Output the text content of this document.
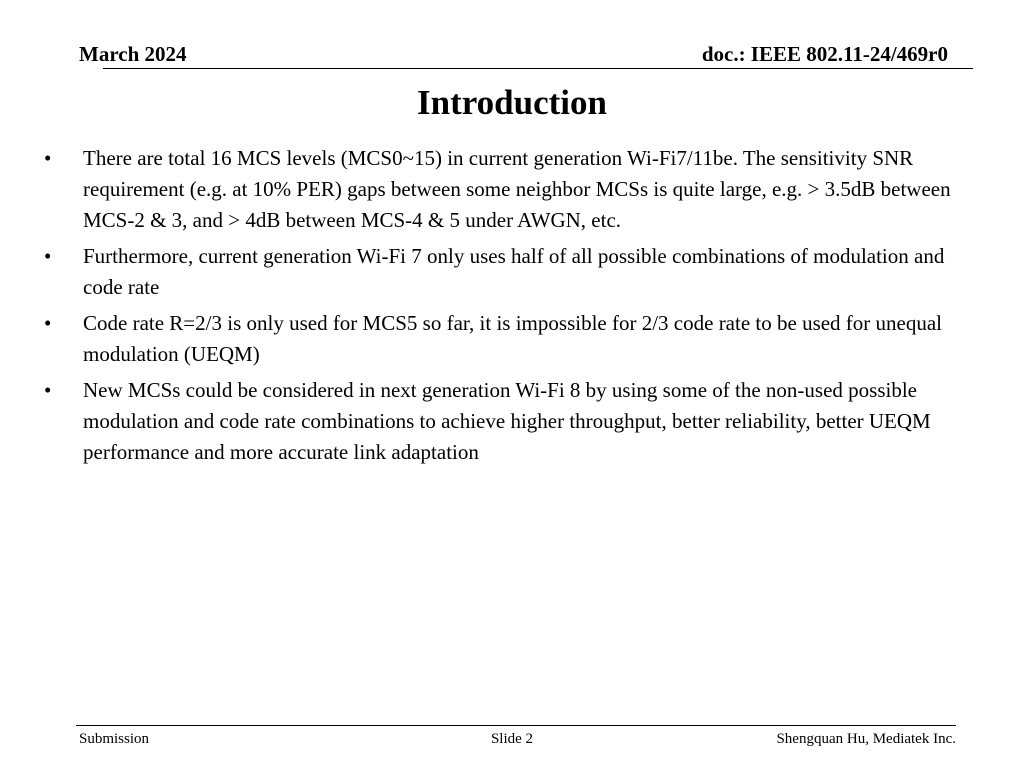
March 2024	doc.: IEEE 802.11-24/469r0
Introduction
• There are total 16 MCS levels (MCS0~15) in current generation Wi-Fi7/11be. The sensitivity SNR requirement (e.g. at 10% PER) gaps between some neighbor MCSs is quite large, e.g. > 3.5dB between MCS-2 & 3, and > 4dB between MCS-4 & 5 under AWGN, etc.
• Furthermore, current generation Wi-Fi 7 only uses half of all possible combinations of modulation and code rate
• Code rate R=2/3 is only used for MCS5 so far, it is impossible for 2/3 code rate to be used for unequal modulation (UEQM)
• New MCSs could be considered in next generation Wi-Fi 8 by using some of the non-used possible modulation and code rate combinations to achieve higher throughput, better reliability, better UEQM performance and more accurate link adaptation
Submission	Slide 2	Shengquan Hu, Mediatek Inc.
